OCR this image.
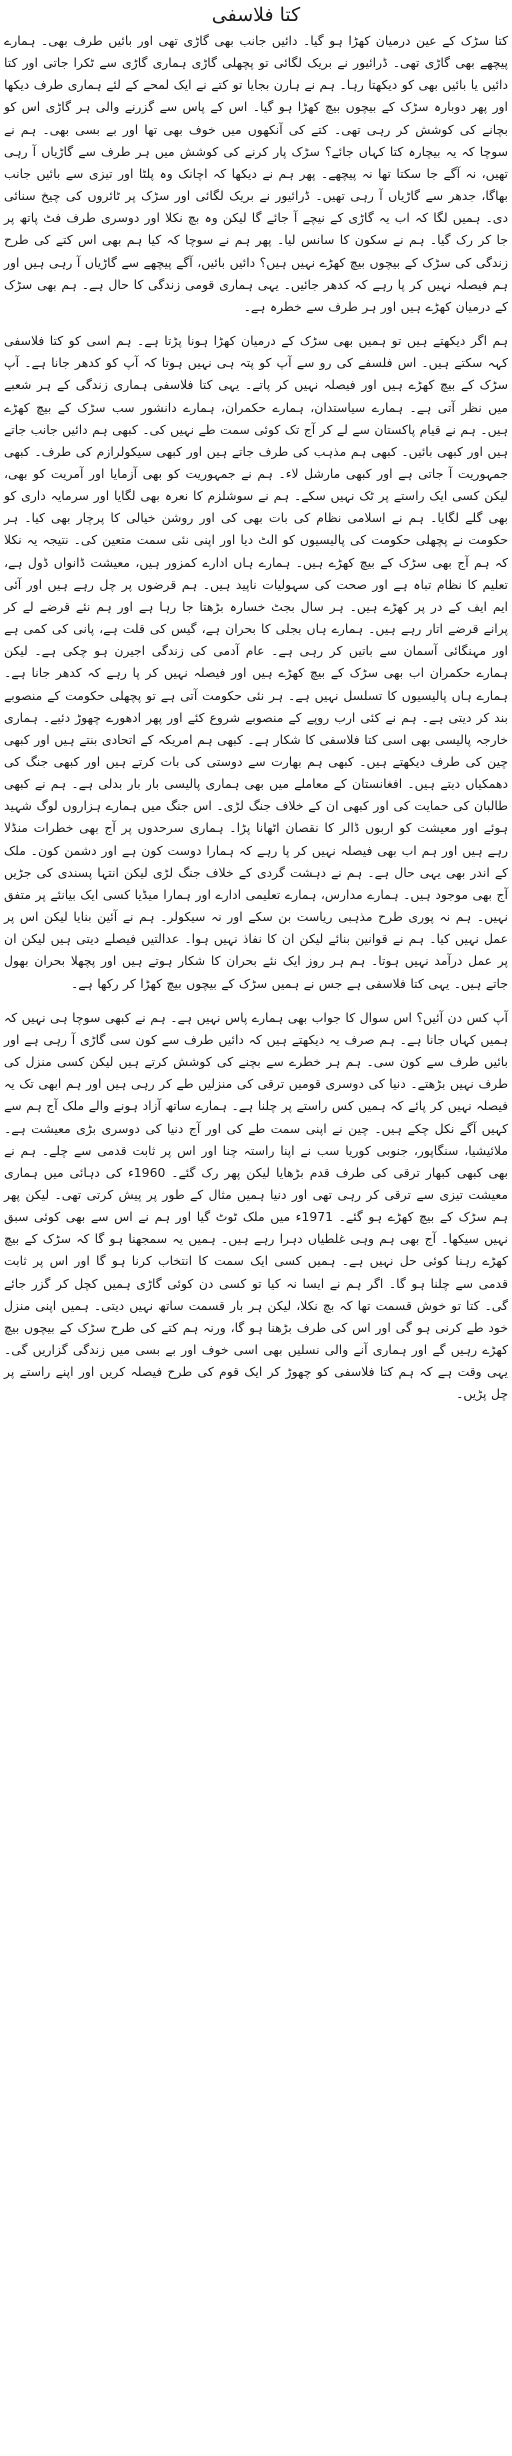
کتا فلاسفی

کتا سڑک کے عین درمیان کھڑا ہو گیا۔ دائیں جانب بھی گاڑی تھی اور بائیں طرف بھی۔ ہمارے پیچھے بھی گاڑی تھی۔ ڈرائیور نے بریک لگائی تو پچھلی گاڑی ہماری گاڑی سے ٹکرا جاتی اور کتا دائیں یا بائیں بھی کو دیکھتا رہا۔ ہم نے ہارن بجایا تو کتے نے ایک لمحے کے لئے ہماری طرف دیکھا اور پھر دوبارہ سڑک کے بیچوں بیچ کھڑا ہو گیا۔ اس کے پاس سے گزرنے والی ہر گاڑی اس کو بچانے کی کوشش کر رہی تھی۔ کتے کی آنکھوں میں خوف بھی تھا اور بے بسی بھی۔ ہم نے سوچا کہ یہ بیچارہ کتا کہاں جائے؟ سڑک پار کرنے کی کوشش میں ہر طرف سے گاڑیاں آ رہی تھیں، نہ آگے جا سکتا تھا نہ پیچھے۔ پھر ہم نے دیکھا کہ اچانک وہ پلٹا اور تیزی سے بائیں جانب بھاگا، جدھر سے گاڑیاں آ رہی تھیں۔ ڈرائیور نے بریک لگائی اور سڑک پر ٹائروں کی چیخ سنائی دی۔ ہمیں لگا کہ اب یہ گاڑی کے نیچے آ جائے گا لیکن وہ بچ نکلا اور دوسری طرف فٹ پاتھ پر جا کر رک گیا۔ ہم نے سکون کا سانس لیا۔ پھر ہم نے سوچا کہ کیا ہم بھی اس کتے کی طرح زندگی کی سڑک کے بیچوں بیچ کھڑے نہیں ہیں؟ دائیں بائیں، آگے پیچھے سے گاڑیاں آ رہی ہیں اور ہم فیصلہ نہیں کر پا رہے کہ کدھر جائیں۔ یہی ہماری قومی زندگی کا حال ہے۔ ہم بھی سڑک کے درمیان کھڑے ہیں اور ہر طرف سے خطرہ ہے۔

ہم اگر دیکھتے ہیں تو ہمیں بھی سڑک کے درمیان کھڑا ہونا پڑتا ہے۔ ہم اسی کو کتا فلاسفی کہہ سکتے ہیں۔ اس فلسفے کی رو سے آپ کو پتہ ہی نہیں ہوتا کہ آپ کو کدھر جانا ہے۔ آپ سڑک کے بیچ کھڑے ہیں اور فیصلہ نہیں کر پاتے۔ یہی کتا فلاسفی ہماری زندگی کے ہر شعبے میں نظر آتی ہے۔ ہمارے سیاستدان، ہمارے حکمران، ہمارے دانشور سب سڑک کے بیچ کھڑے ہیں۔ ہم نے قیام پاکستان سے لے کر آج تک کوئی سمت طے نہیں کی۔ کبھی ہم دائیں جانب جاتے ہیں اور کبھی بائیں۔ کبھی ہم مذہب کی طرف جاتے ہیں اور کبھی سیکولرازم کی طرف۔ کبھی جمہوریت آ جاتی ہے اور کبھی مارشل لاء۔ ہم نے جمہوریت کو بھی آزمایا اور آمریت کو بھی، لیکن کسی ایک راستے پر ٹک نہیں سکے۔ ہم نے سوشلزم کا نعرہ بھی لگایا اور سرمایہ داری کو بھی گلے لگایا۔ ہم نے اسلامی نظام کی بات بھی کی اور روشن خیالی کا پرچار بھی کیا۔ ہر حکومت نے پچھلی حکومت کی پالیسیوں کو الٹ دیا اور اپنی نئی سمت متعین کی۔ نتیجہ یہ نکلا کہ ہم آج بھی سڑک کے بیچ کھڑے ہیں۔ ہمارے ہاں ادارے کمزور ہیں، معیشت ڈانواں ڈول ہے، تعلیم کا نظام تباہ ہے اور صحت کی سہولیات ناپید ہیں۔ ہم قرضوں پر چل رہے ہیں اور آئی ایم ایف کے در پر کھڑے ہیں۔ ہر سال بجٹ خسارہ بڑھتا جا رہا ہے اور ہم نئے قرضے لے کر پرانے قرضے اتار رہے ہیں۔ ہمارے ہاں بجلی کا بحران ہے، گیس کی قلت ہے، پانی کی کمی ہے اور مہنگائی آسمان سے باتیں کر رہی ہے۔ عام آدمی کی زندگی اجیرن ہو چکی ہے۔ لیکن ہمارے حکمران اب بھی سڑک کے بیچ کھڑے ہیں اور فیصلہ نہیں کر پا رہے کہ کدھر جانا ہے۔ ہمارے ہاں پالیسیوں کا تسلسل نہیں ہے۔ ہر نئی حکومت آتی ہے تو پچھلی حکومت کے منصوبے بند کر دیتی ہے۔ ہم نے کئی ارب روپے کے منصوبے شروع کئے اور پھر ادھورے چھوڑ دئیے۔ ہماری خارجہ پالیسی بھی اسی کتا فلاسفی کا شکار ہے۔ کبھی ہم امریکہ کے اتحادی بنتے ہیں اور کبھی چین کی طرف دیکھتے ہیں۔ کبھی ہم بھارت سے دوستی کی بات کرتے ہیں اور کبھی جنگ کی دھمکیاں دیتے ہیں۔ افغانستان کے معاملے میں بھی ہماری پالیسی بار بار بدلی ہے۔ ہم نے کبھی طالبان کی حمایت کی اور کبھی ان کے خلاف جنگ لڑی۔ اس جنگ میں ہمارے ہزاروں لوگ شہید ہوئے اور معیشت کو اربوں ڈالر کا نقصان اٹھانا پڑا۔ ہماری سرحدوں پر آج بھی خطرات منڈلا رہے ہیں اور ہم اب بھی فیصلہ نہیں کر پا رہے کہ ہمارا دوست کون ہے اور دشمن کون۔ ملک کے اندر بھی یہی حال ہے۔ ہم نے دہشت گردی کے خلاف جنگ لڑی لیکن انتہا پسندی کی جڑیں آج بھی موجود ہیں۔ ہمارے مدارس، ہمارے تعلیمی ادارے اور ہمارا میڈیا کسی ایک بیانئے پر متفق نہیں۔ ہم نہ پوری طرح مذہبی ریاست بن سکے اور نہ سیکولر۔ ہم نے آئین بنایا لیکن اس پر عمل نہیں کیا۔ ہم نے قوانین بنائے لیکن ان کا نفاذ نہیں ہوا۔ عدالتیں فیصلے دیتی ہیں لیکن ان پر عمل درآمد نہیں ہوتا۔ ہم ہر روز ایک نئے بحران کا شکار ہوتے ہیں اور پچھلا بحران بھول جاتے ہیں۔ یہی کتا فلاسفی ہے جس نے ہمیں سڑک کے بیچوں بیچ کھڑا کر رکھا ہے۔

آپ کس دن آئیں؟ اس سوال کا جواب بھی ہمارے پاس نہیں ہے۔ ہم نے کبھی سوچا ہی نہیں کہ ہمیں کہاں جانا ہے۔ ہم صرف یہ دیکھتے ہیں کہ دائیں طرف سے کون سی گاڑی آ رہی ہے اور بائیں طرف سے کون سی۔ ہم ہر خطرے سے بچنے کی کوشش کرتے ہیں لیکن کسی منزل کی طرف نہیں بڑھتے۔ دنیا کی دوسری قومیں ترقی کی منزلیں طے کر رہی ہیں اور ہم ابھی تک یہ فیصلہ نہیں کر پائے کہ ہمیں کس راستے پر چلنا ہے۔ ہمارے ساتھ آزاد ہونے والے ملک آج ہم سے کہیں آگے نکل چکے ہیں۔ چین نے اپنی سمت طے کی اور آج دنیا کی دوسری بڑی معیشت ہے۔ ملائیشیا، سنگاپور، جنوبی کوریا سب نے اپنا راستہ چنا اور اس پر ثابت قدمی سے چلے۔ ہم نے بھی کبھی کبھار ترقی کی طرف قدم بڑھایا لیکن پھر رک گئے۔ 1960ء کی دہائی میں ہماری معیشت تیزی سے ترقی کر رہی تھی اور دنیا ہمیں مثال کے طور پر پیش کرتی تھی۔ لیکن پھر ہم سڑک کے بیچ کھڑے ہو گئے۔ 1971ء میں ملک ٹوٹ گیا اور ہم نے اس سے بھی کوئی سبق نہیں سیکھا۔ آج بھی ہم وہی غلطیاں دہرا رہے ہیں۔ ہمیں یہ سمجھنا ہو گا کہ سڑک کے بیچ کھڑے رہنا کوئی حل نہیں ہے۔ ہمیں کسی ایک سمت کا انتخاب کرنا ہو گا اور اس پر ثابت قدمی سے چلنا ہو گا۔ اگر ہم نے ایسا نہ کیا تو کسی دن کوئی گاڑی ہمیں کچل کر گزر جائے گی۔ کتا تو خوش قسمت تھا کہ بچ نکلا، لیکن ہر بار قسمت ساتھ نہیں دیتی۔ ہمیں اپنی منزل خود طے کرنی ہو گی اور اس کی طرف بڑھنا ہو گا، ورنہ ہم کتے کی طرح سڑک کے بیچوں بیچ کھڑے رہیں گے اور ہماری آنے والی نسلیں بھی اسی خوف اور بے بسی میں زندگی گزاریں گی۔ یہی وقت ہے کہ ہم کتا فلاسفی کو چھوڑ کر ایک قوم کی طرح فیصلہ کریں اور اپنے راستے پر چل پڑیں۔
